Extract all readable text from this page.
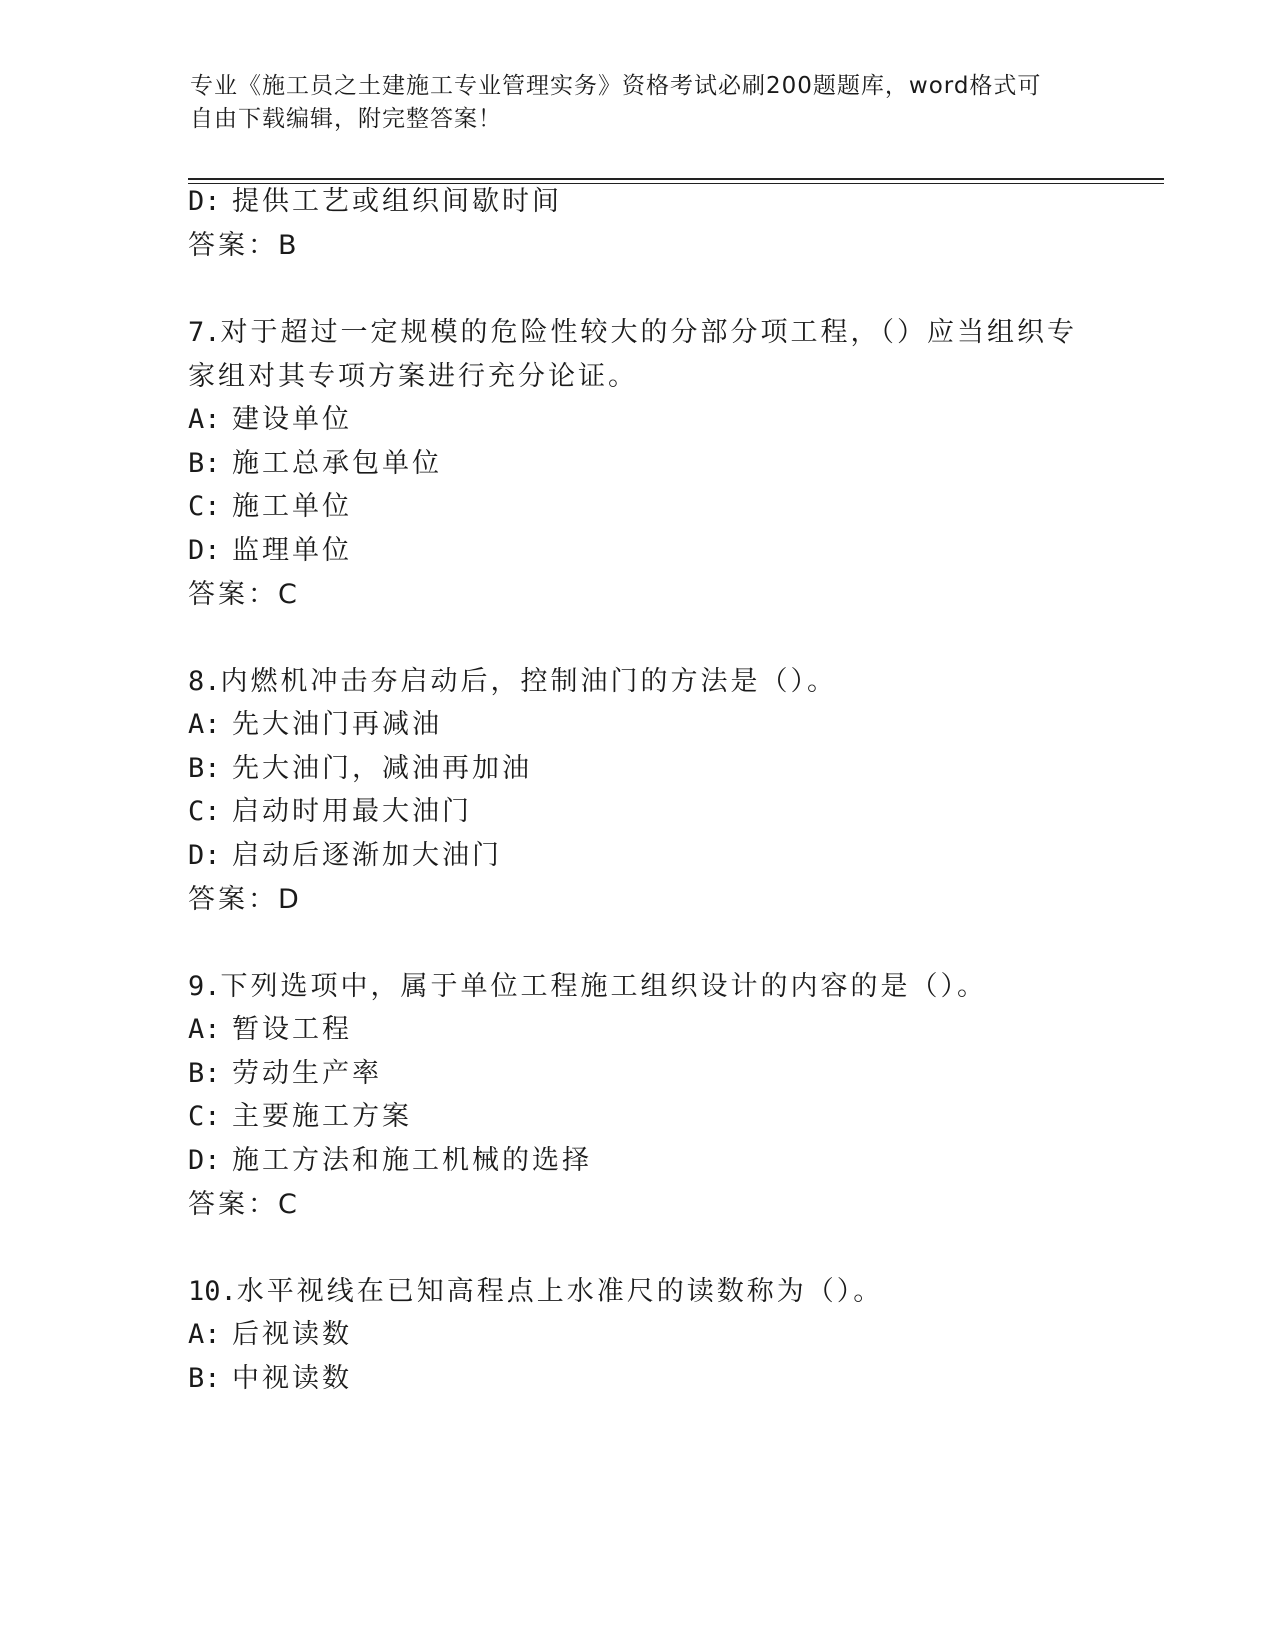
专业《施工员之土建施工专业管理实务》资格考试必刷200题题库，word格式可
自由下载编辑，附完整答案！
D: 提供工艺或组织间歇时间
答案：B
7.对于超过一定规模的危险性较大的分部分项工程，（）应当组织专
家组对其专项方案进行充分论证。
A: 建设单位
B: 施工总承包单位
C: 施工单位
D: 监理单位
答案：C
8.内燃机冲击夯启动后，控制油门的方法是（）。
A: 先大油门再减油
B: 先大油门，减油再加油
C: 启动时用最大油门
D: 启动后逐渐加大油门
答案：D
9.下列选项中，属于单位工程施工组织设计的内容的是（）。
A: 暂设工程
B: 劳动生产率
C: 主要施工方案
D: 施工方法和施工机械的选择
答案：C
10.水平视线在已知高程点上水准尺的读数称为（）。
A: 后视读数
B: 中视读数
